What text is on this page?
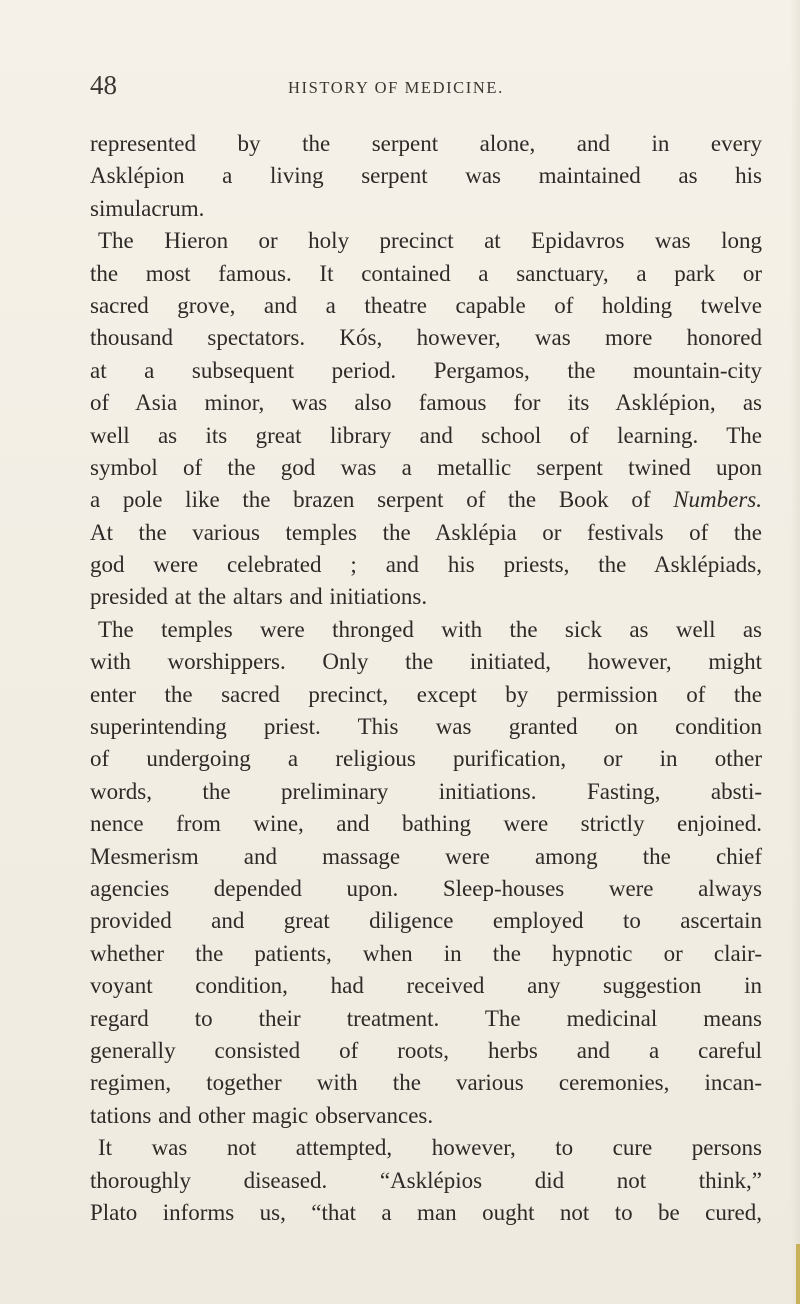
48	HISTORY OF MEDICINE.
represented by the serpent alone, and in every
Asklépion a living serpent was maintained as his
simulacrum.
The Hieron or holy precinct at Epidavros was long
the most famous. It contained a sanctuary, a park or
sacred grove, and a theatre capable of holding twelve
thousand spectators. Kós, however, was more honored
at a subsequent period. Pergamos, the mountain-city
of Asia minor, was also famous for its Asklépion, as
well as its great library and school of learning. The
symbol of the god was a metallic serpent twined upon
a pole like the brazen serpent of the Book of Numbers.
At the various temples the Asklépia or festivals of the
god were celebrated ; and his priests, the Asklépiads,
presided at the altars and initiations.
The temples were thronged with the sick as well as
with worshippers. Only the initiated, however, might
enter the sacred precinct, except by permission of the
superintending priest. This was granted on condition
of undergoing a religious purification, or in other
words, the preliminary initiations. Fasting, absti-
nence from wine, and bathing were strictly enjoined.
Mesmerism and massage were among the chief
agencies depended upon. Sleep-houses were always
provided and great diligence employed to ascertain
whether the patients, when in the hypnotic or clair-
voyant condition, had received any suggestion in
regard to their treatment. The medicinal means
generally consisted of roots, herbs and a careful
regimen, together with the various ceremonies, incan-
tations and other magic observances.
It was not attempted, however, to cure persons
thoroughly diseased. “Asklépios did not think,”
Plato informs us, “that a man ought not to be cured,
